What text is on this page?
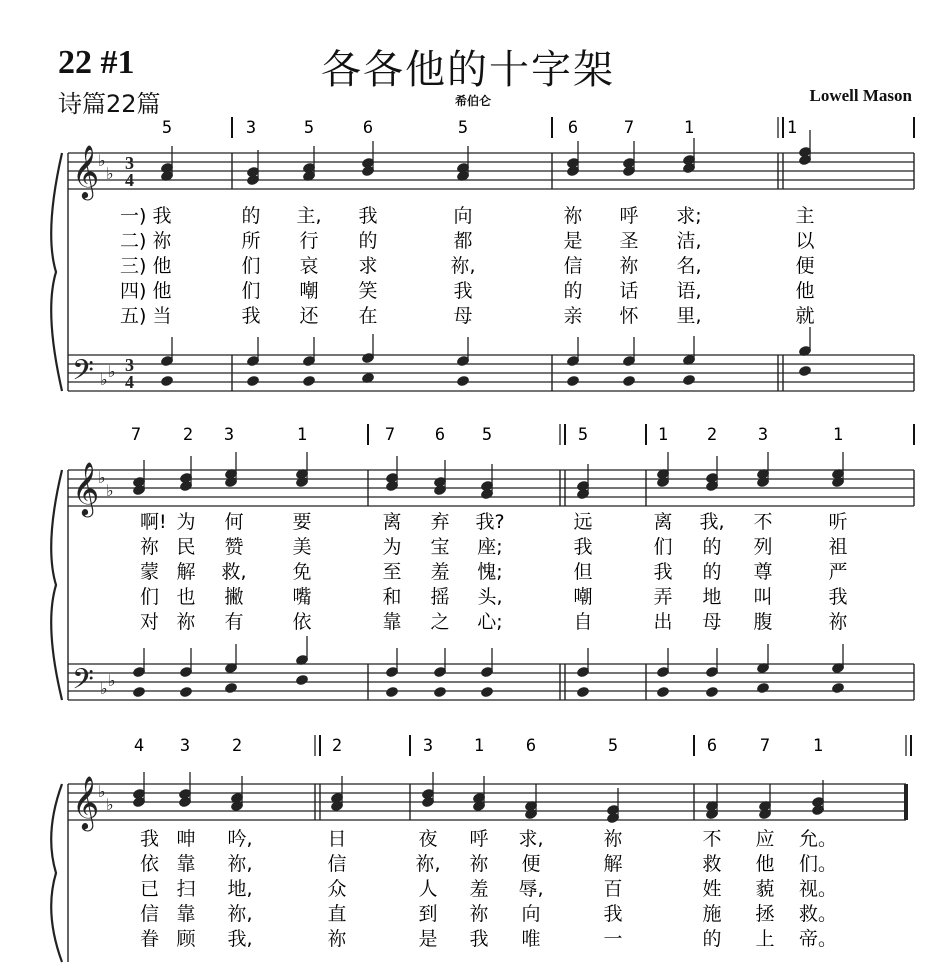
22 #1
诗篇22篇
各各他的十字架
希伯仑	Lowell Mason
𝄞
♭
♭
𝄢 ♭ ♭
3
3
4
4
𝄞
♭
♭
𝄢 ♭ ♭
𝄞
♭
♭
5	3	5	6	5	6	7	1	1
7 2 3	1	7 6 5	5	1 2 3	1
4 3 2	2	3 1 6	5	6	7	1
一) 我	的 主, 我	向	祢 呼 求;	主
二) 祢	所 行 的	都	是 圣 洁,	以
三) 他	们 哀 求	祢,	信 祢 名,	便
四) 他	们 嘲 笑	我	的 话 语,	他
五) 当	我 还 在	母	亲 怀 里,	就
啊! 为 何	要	离 弃 我?	远	离 我, 不	听
祢 民 赞	美	为 宝 座;	我	们 的 列	祖
蒙 解 救, 免	至 羞 愧;	但	我 的 尊	严
们 也 撇	嘴	和 摇 头,	嘲	弄 地 叫	我
对 祢 有	依	靠 之 心;	自	出 母 腹	祢
我 呻 吟,	日	夜 呼 求,	祢	不 应 允。
依 靠 祢,	信	祢, 祢 便	解	救 他 们。
已 扫 地,	众	人 羞 辱,	百	姓 藐 视。
信 靠 祢,	直	到 祢 向	我	施 拯 救。
眷 顾 我,	祢	是 我 唯	一	的 上 帝。
